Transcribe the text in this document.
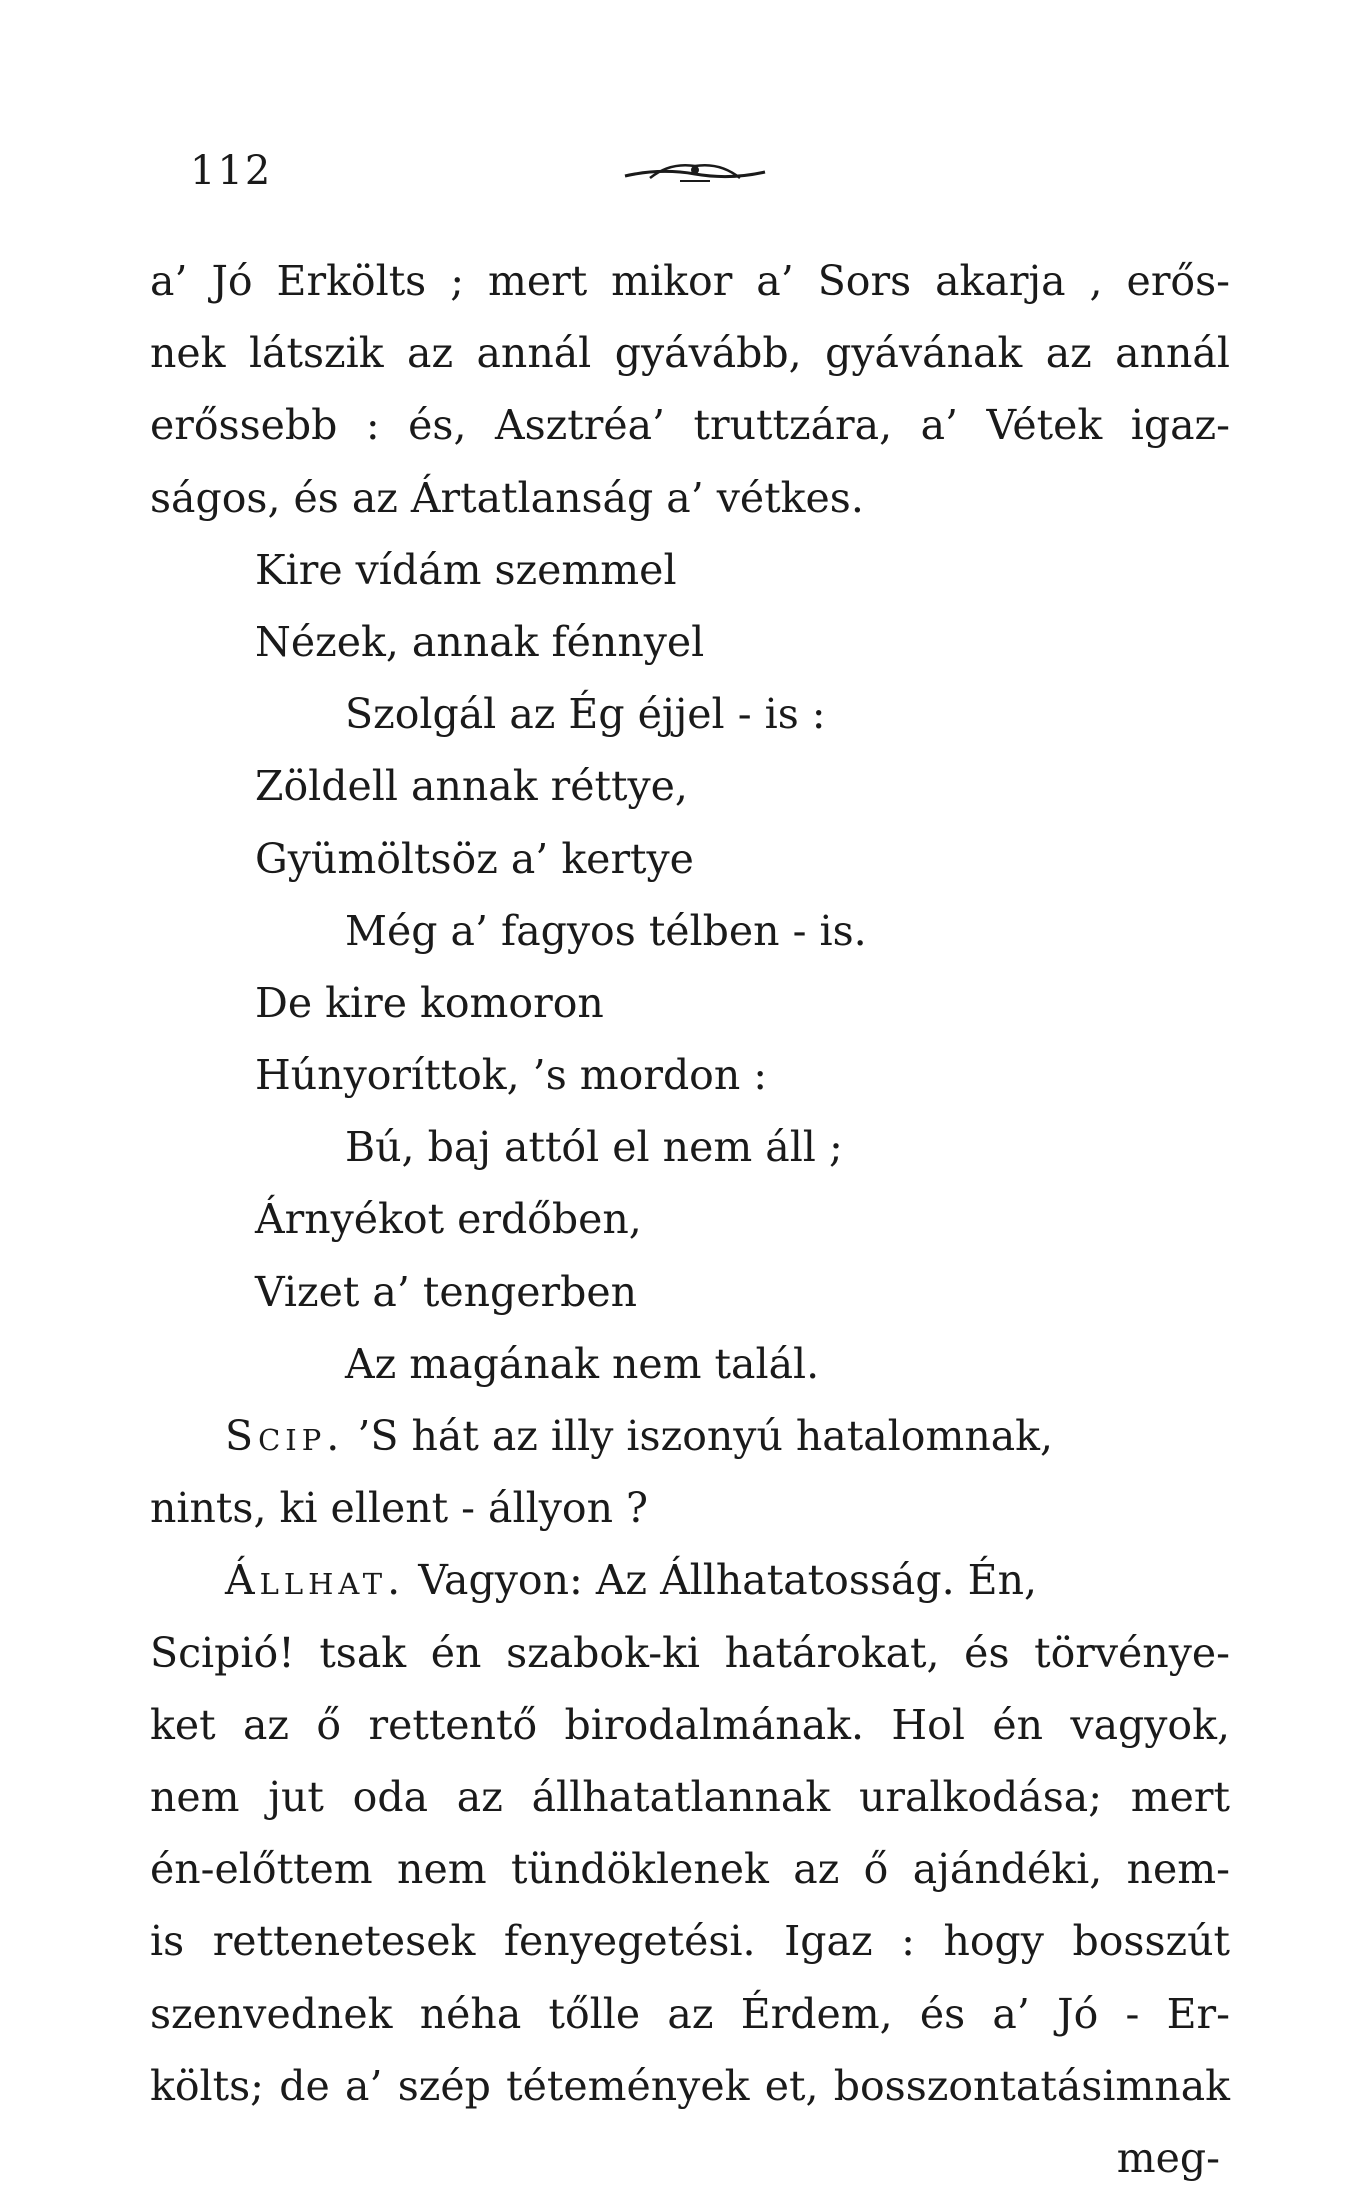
112
a’ Jó Erkölts ; mert mikor a’ Sors akarja , erős-
nek látszik az annál gyávább, gyávának az annál
erőssebb : és, Asztréa’ truttzára, a’ Vétek igaz-
ságos, és az Ártatlanság a’ vétkes.
Kire vídám szemmel
Nézek, annak fénnyel
Szolgál az Ég éjjel - is :
Zöldell annak réttye,
Gyümöltsöz a’ kertye
Még a’ fagyos télben - is.
De kire komoron
Húnyoríttok, ’s mordon :
Bú, baj attól el nem áll ;
Árnyékot erdőben,
Vizet a’ tengerben
Az magának nem talál.
Scip. ’S hát az illy iszonyú hatalomnak,
nints, ki ellent - állyon ?
Állhat. Vagyon: Az Állhatatosság. Én,
Scipió! tsak én szabok-ki határokat, és törvénye-
ket az ő rettentő birodalmának. Hol én vagyok,
nem jut oda az állhatatlannak uralkodása; mert
én-előttem nem tündöklenek az ő ajándéki, nem-
is rettenetesek fenyegetési. Igaz : hogy bosszút
szenvednek néha tőlle az Érdem, és a’ Jó - Er-
költs; de a’ szép tétemények et, bosszontatásimnak
meg-
